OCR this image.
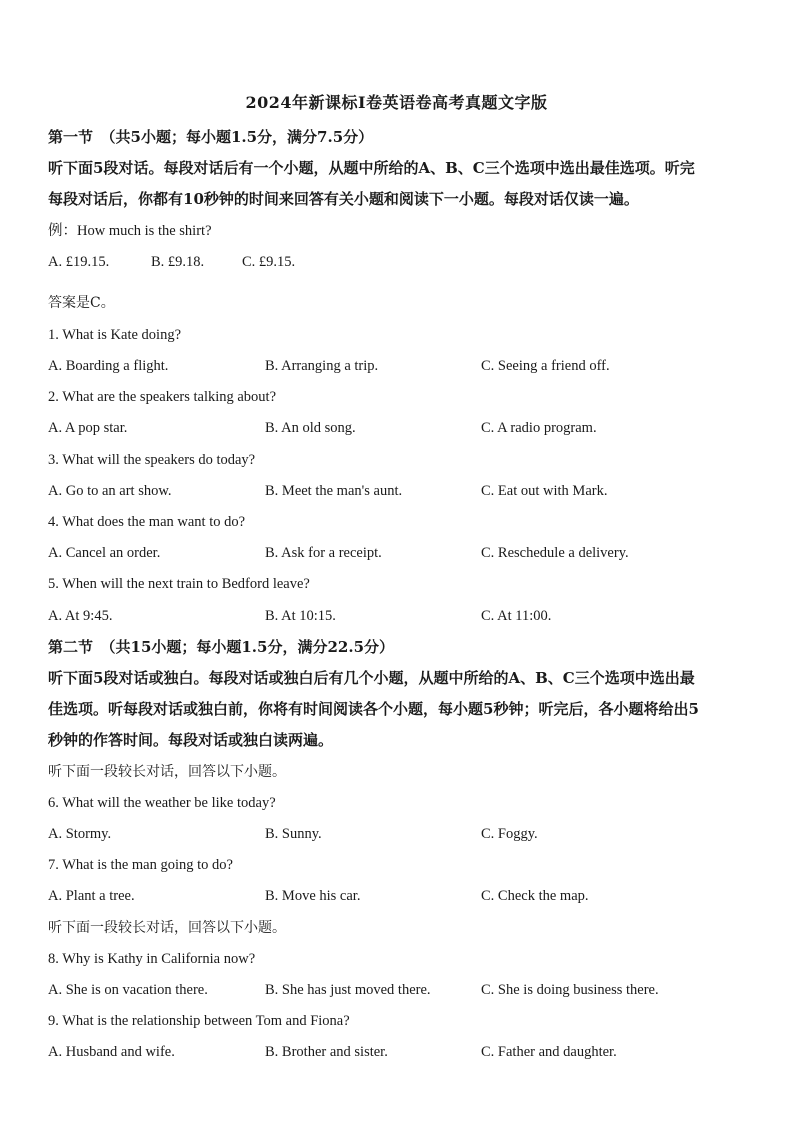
2024年新课标Ⅰ卷英语卷高考真题文字版
第一节　（共5小题；每小题1.5分，满分7.5分）
听下面5段对话。每段对话后有一个小题，从题中所给的A、B、C三个选项中选出最佳选项。听完
每段对话后，你都有10秒钟的时间来回答有关小题和阅读下一小题。每段对话仅读一遍。
例：How much is the shirt?
A. £19.15.	B. £9.18.	C. £9.15.
答案是C。
1. What is Kate doing?
A. Boarding a flight.	B. Arranging a trip.	C. Seeing a friend off.
2. What are the speakers talking about?
A. A pop star.	B. An old song.	C. A radio program.
3. What will the speakers do today?
A. Go to an art show.	B. Meet the man's aunt.	C. Eat out with Mark.
4. What does the man want to do?
A. Cancel an order.	B. Ask for a receipt.	C. Reschedule a delivery.
5. When will the next train to Bedford leave?
A. At 9:45.	B. At 10:15.	C. At 11:00.
第二节　（共15小题；每小题1.5分，满分22.5分）
听下面5段对话或独白。每段对话或独白后有几个小题，从题中所给的A、B、C三个选项中选出最
佳选项。听每段对话或独白前，你将有时间阅读各个小题，每小题5秒钟；听完后，各小题将给出5
秒钟的作答时间。每段对话或独白读两遍。
听下面一段较长对话，回答以下小题。
6. What will the weather be like today?
A. Stormy.	B. Sunny.	C. Foggy.
7. What is the man going to do?
A. Plant a tree.	B. Move his car.	C. Check the map.
听下面一段较长对话，回答以下小题。
8. Why is Kathy in California now?
A. She is on vacation there.	B. She has just moved there.	C. She is doing business there.
9. What is the relationship between Tom and Fiona?
A. Husband and wife.	B. Brother and sister.	C. Father and daughter.
